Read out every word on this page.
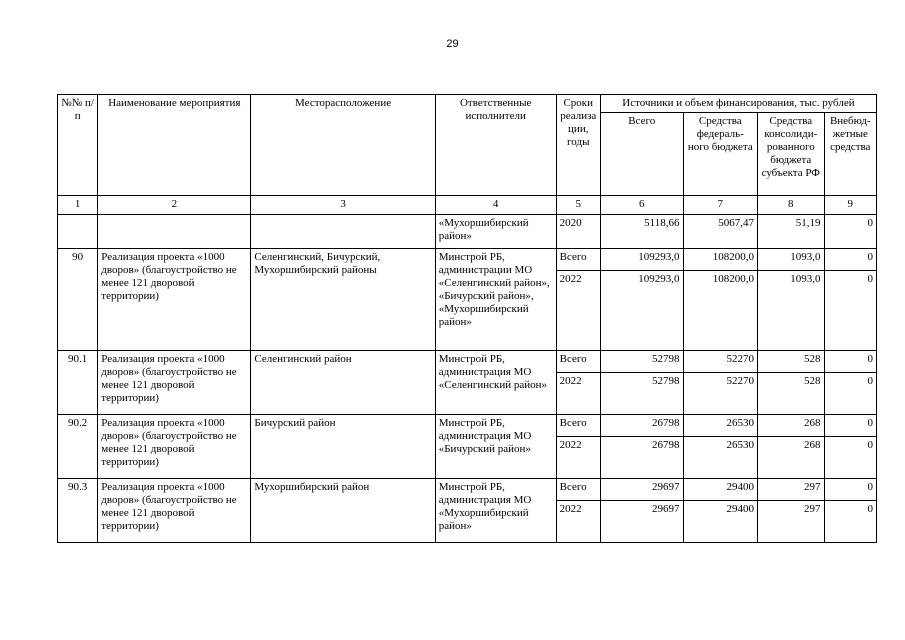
29
№№ п/п	Наименование мероприятия	Месторасположение	Ответственные исполнители	Сроки реализа ции, годы	Источники и объем финансирования, тыс. рублей			
					Всего	Средства федераль-ного бюджета	Средства консолиди-рованного бюджета субъекта РФ	Внебюд-жетные средства
1	2	3	4	5	6	7	8	9
			«Мухоршибирский район»	2020	5118,66	5067,47	51,19	0
90	Реализация проекта «1000 дворов» (благоустройство не менее 121 дворовой территории)	Селенгинский, Бичурский, Мухоршибирский районы	Минстрой РБ, администрации МО «Селенгинский район», «Бичурский район», «Мухоршибирский район»	Всего	109293,0	108200,0	1093,0	0
				2022	109293,0	108200,0	1093,0	0
90.1	Реализация проекта «1000 дворов» (благоустройство не менее 121 дворовой территории)	Селенгинский район	Минстрой РБ, администрация МО «Селенгинский район»	Всего	52798	52270	528	0
				2022	52798	52270	528	0
90.2	Реализация проекта «1000 дворов» (благоустройство не менее 121 дворовой территории)	Бичурский район	Минстрой РБ, администрация МО «Бичурский район»	Всего	26798	26530	268	0
				2022	26798	26530	268	0
90.3	Реализация проекта «1000 дворов» (благоустройство не менее 121 дворовой территории)	Мухоршибирский район	Минстрой РБ, администрация МО «Мухоршибирский район»	Всего	29697	29400	297	0
				2022	29697	29400	297	0
